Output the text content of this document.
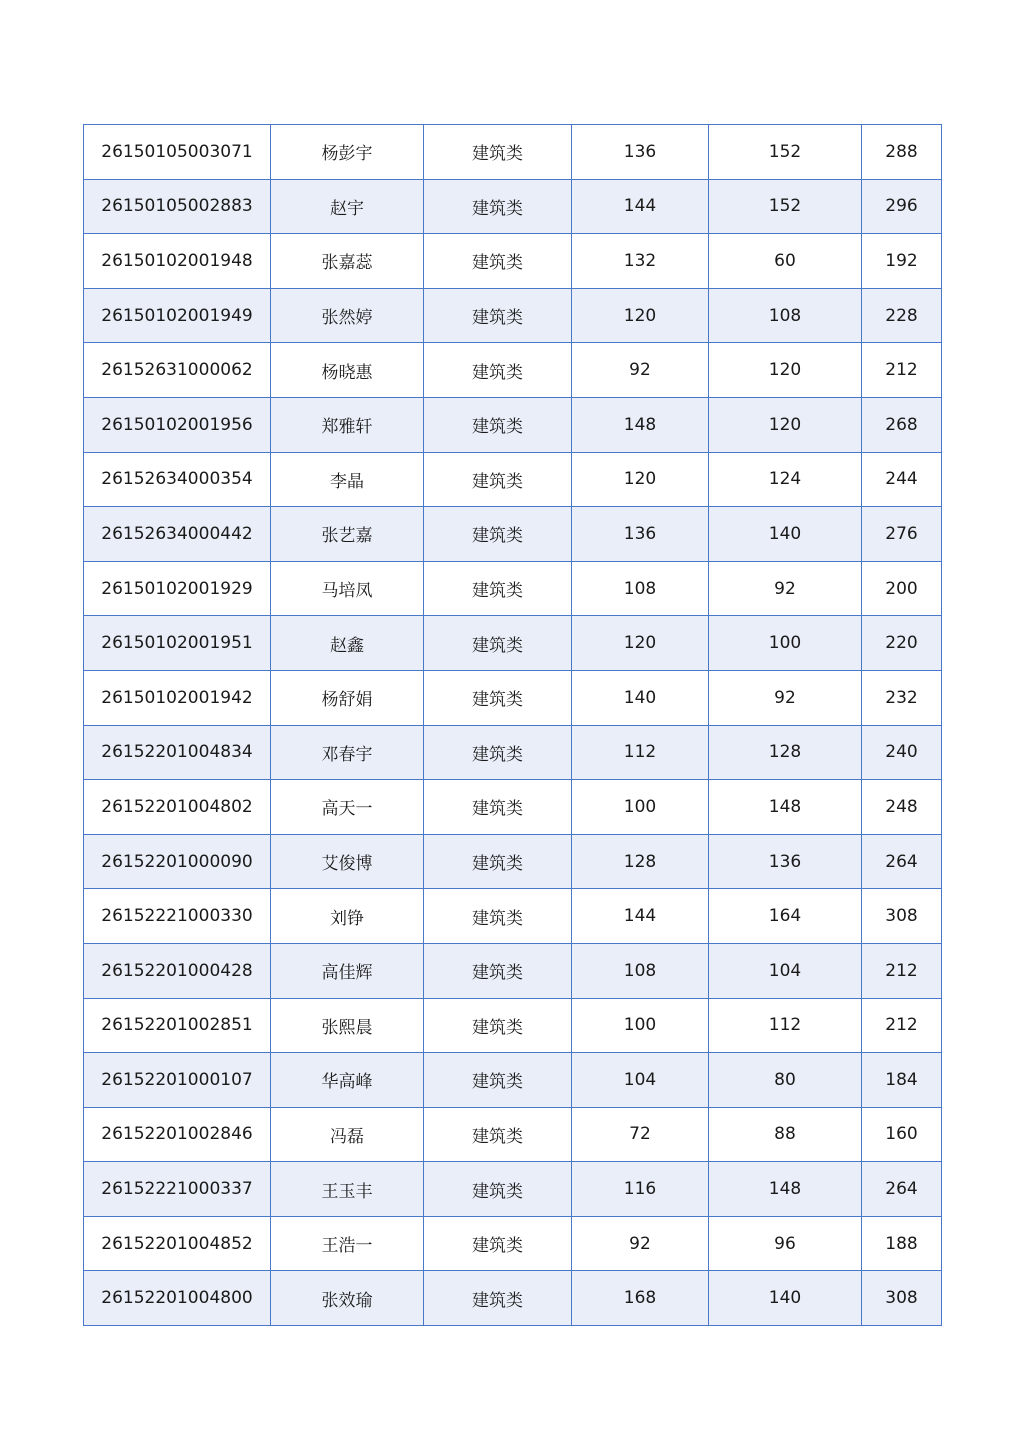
26150105003071	杨彭宇	建筑类	136	152	288
26150105002883	赵宇	建筑类	144	152	296
26150102001948	张嘉蕊	建筑类	132	60	192
26150102001949	张然婷	建筑类	120	108	228
26152631000062	杨晓惠	建筑类	92	120	212
26150102001956	郑雅轩	建筑类	148	120	268
26152634000354	李晶	建筑类	120	124	244
26152634000442	张艺嘉	建筑类	136	140	276
26150102001929	马培凤	建筑类	108	92	200
26150102001951	赵鑫	建筑类	120	100	220
26150102001942	杨舒娟	建筑类	140	92	232
26152201004834	邓春宇	建筑类	112	128	240
26152201004802	高天一	建筑类	100	148	248
26152201000090	艾俊博	建筑类	128	136	264
26152221000330	刘铮	建筑类	144	164	308
26152201000428	高佳辉	建筑类	108	104	212
26152201002851	张熙晨	建筑类	100	112	212
26152201000107	华高峰	建筑类	104	80	184
26152201002846	冯磊	建筑类	72	88	160
26152221000337	王玉丰	建筑类	116	148	264
26152201004852	王浩一	建筑类	92	96	188
26152201004800	张效瑜	建筑类	168	140	308
